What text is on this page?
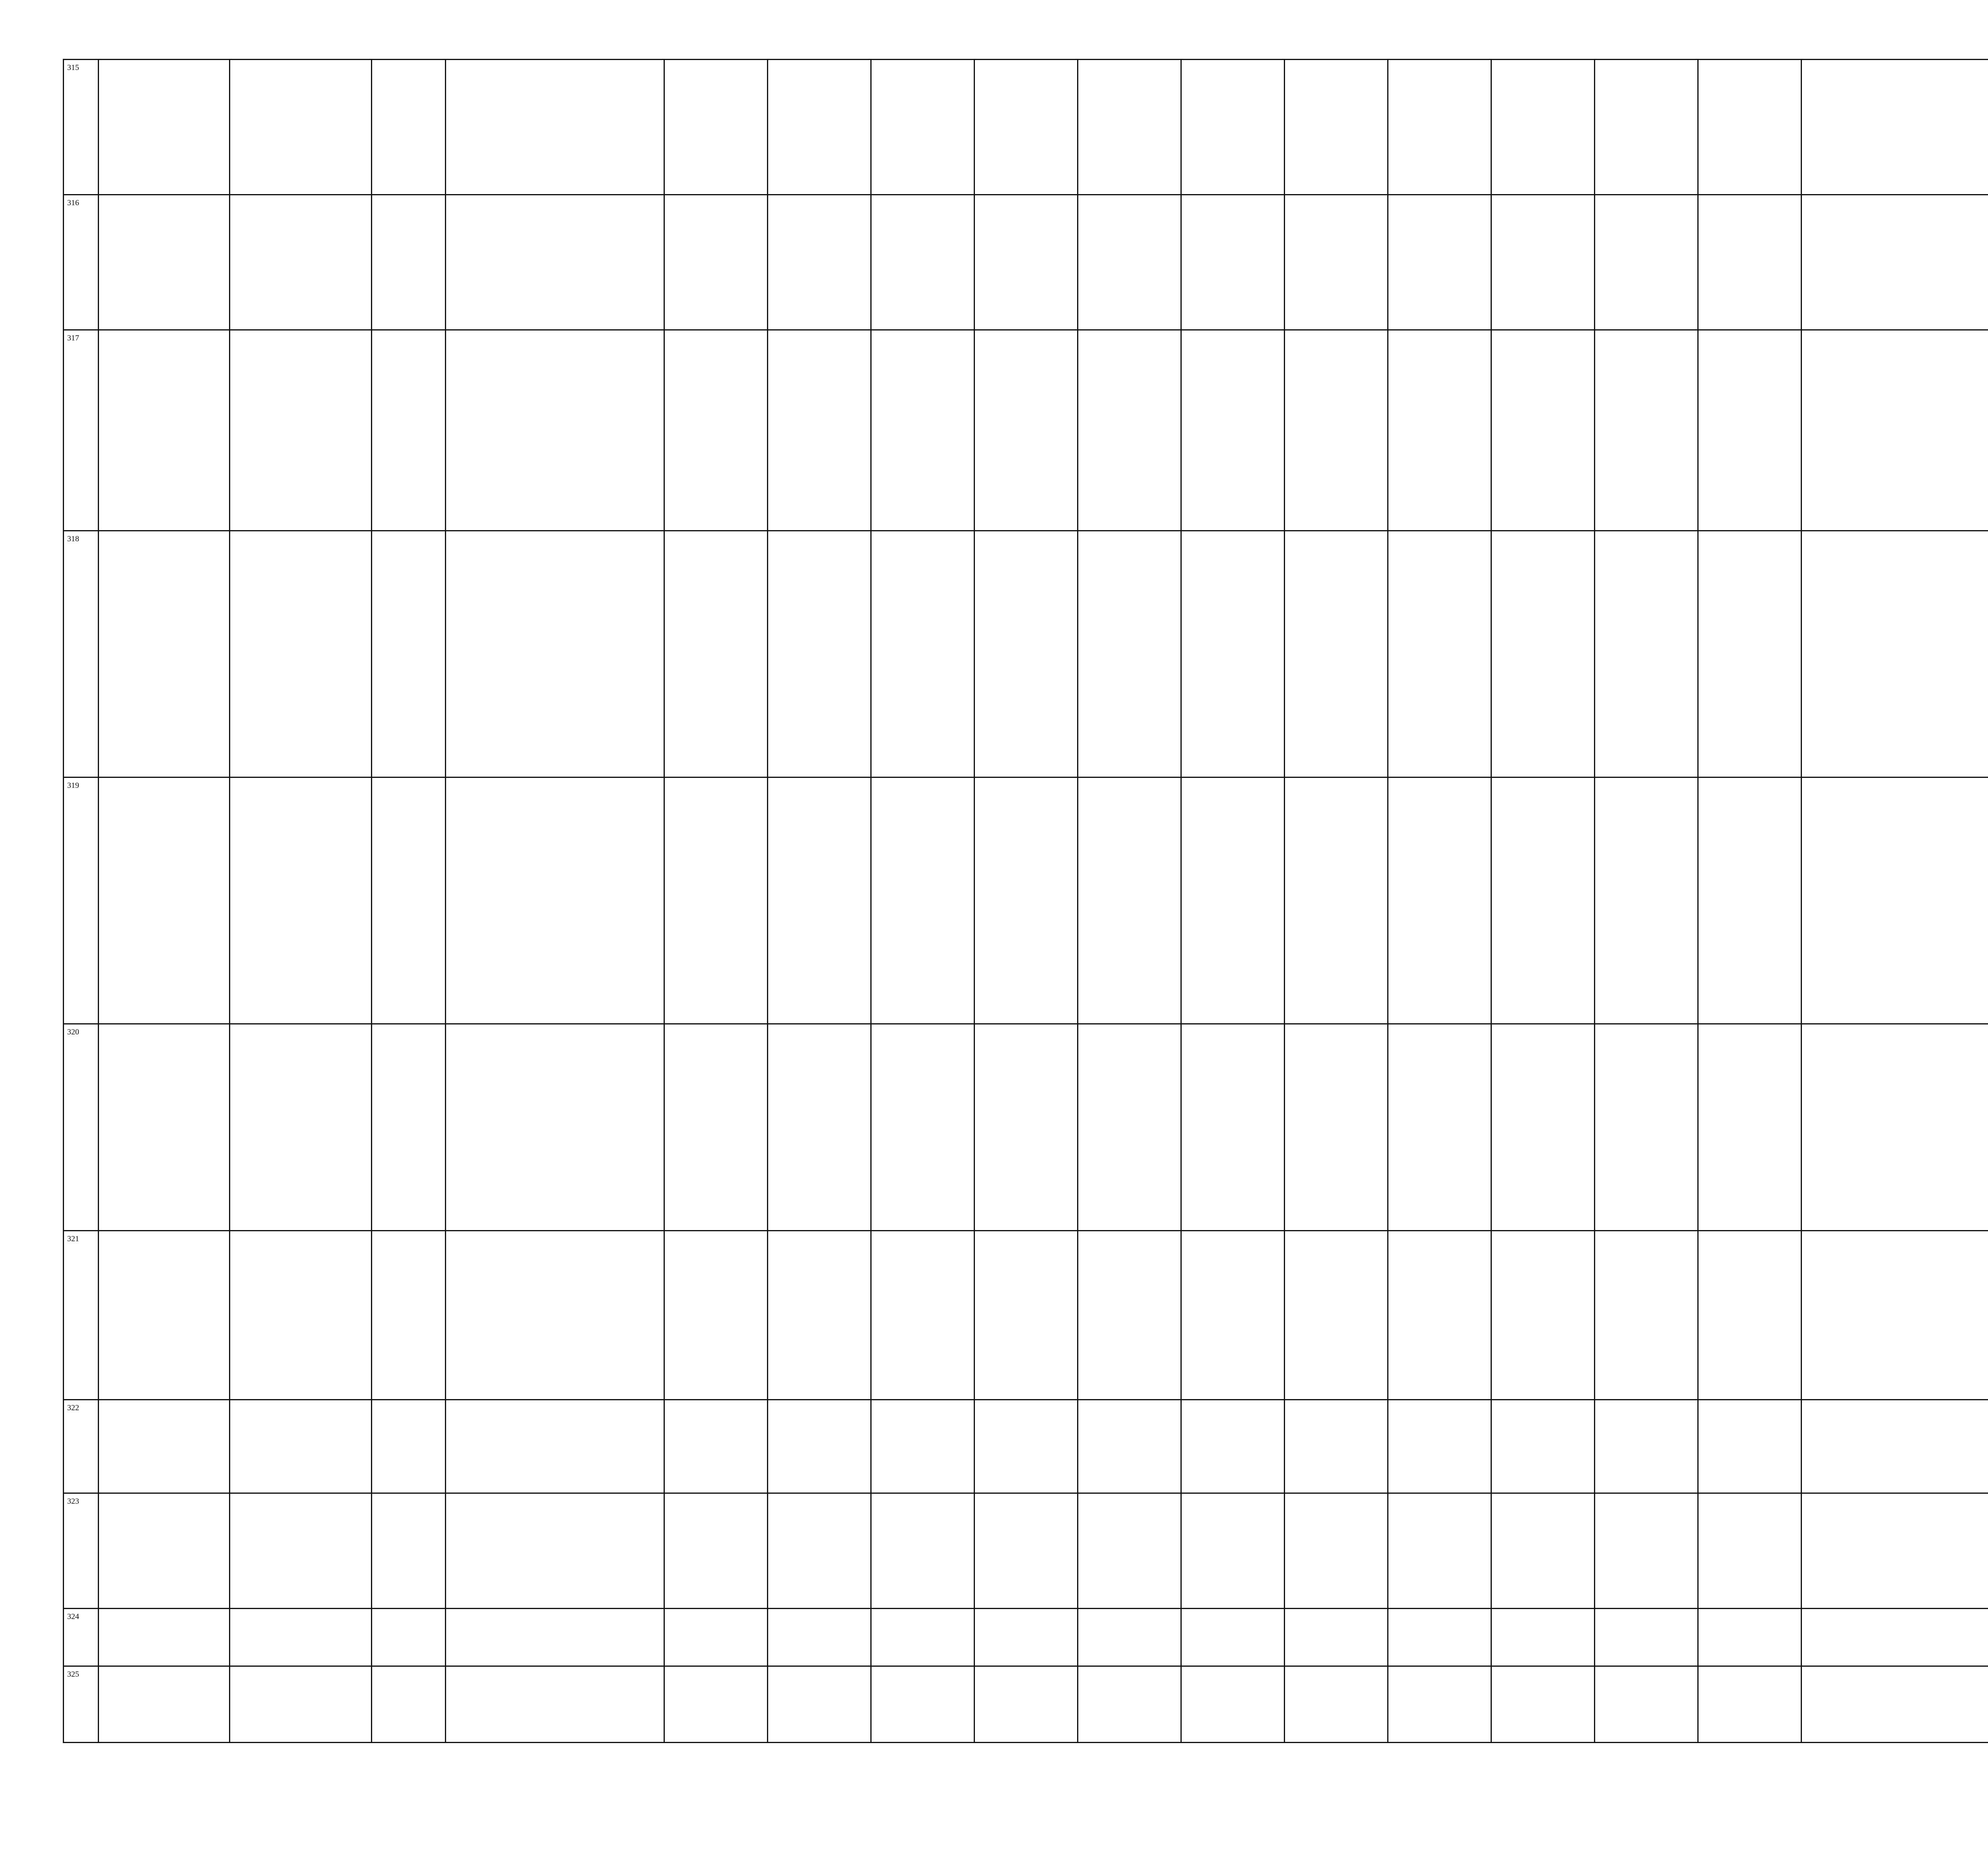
315																								
316																								
317																								
318																								
319																								
320																								
321																								
322																								
323																								
324																								
325																								
